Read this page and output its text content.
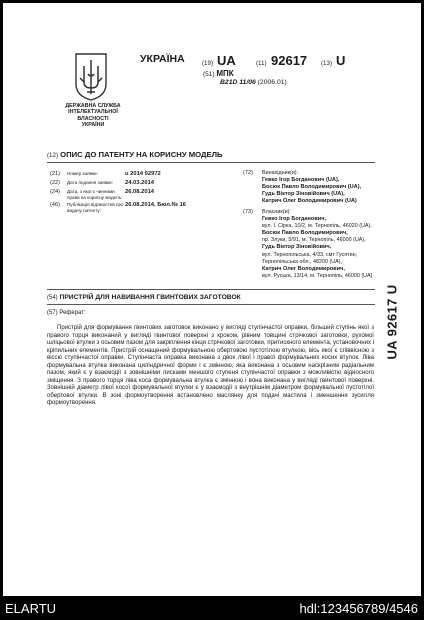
ДЕРЖАВНА СЛУЖБА
ІНТЕЛЕКТУАЛЬНОЇ
ВЛАСНОСТІ
УКРАЇНИ
УКРАЇНА	(19) UA	(11) 92617 (13) U
(51) МПК
B21D 11/06 (2006.01)
(12) ОПИС ДО ПАТЕНТУ НА КОРИСНУ МОДЕЛЬ
(21)	Номер заявки:	u 2014 02972
(22)	Дата подання заявки:	24.03.2014
(24)	Дата, з якої є чинними права на корисну модель:
26.08.2014
(46)	Публікація відомостей про видачу патенту:
26.08.2014, Бюл.№ 16
(72) Винахідник(и):
Гевко Ігор Богданович (UA),
Босюк Павло Володимирович (UA),
Гудь Віктор Зіновійович (UA),
Катрич Олег Володимирович (UA)
(73) Власник(и):
Гевко Ігор Богданович,
вул. І. Сірка, 10/2, м. Тернопіль, 46020 (UA),
Босюк Павло Володимирович,
пр. Злуки, 5/91, м. Тернопіль, 46000 (UA),
Гудь Віктор Зіновійович,
вул. Тернопільська, 4/33, смт Гусятин, Тернопільська обл., 48200 (UA),
Катрич Олег Володимирович,
вул. Руська, 13/14, м. Тернопіль, 46000 (UA)
(54) ПРИСТРІЙ ДЛЯ НАВИВАННЯ ГВИНТОВИХ ЗАГОТОВОК
(57) Реферат:
Пристрій для формування гвинтових заготовок виконано у вигляді ступінчастої оправки, більший ступінь якої з правого торця виконаний у вигляді гвинтової поверхні з кроком, рівним товщині стрічкової заготовки, рухомої шліцьової втулки з осьовим пазом для закріплення кінця стрічкової заготовки, притискного елемента, установочних і кріпильних елементів. Пристрій оснащений формувальною обертовою пустотілою втулкою, вісь якої є співвісною з віссю ступінчастої оправки. Ступінчаста оправка виконана з двох лівої і правої формувальних косих втулок. Ліва формувальна втулка виконана циліндричної форми і є змінною, яка виконана з осьовим наскрізним радіальним пазом, який є у взаємодії з зовнішніми лисками меншого ступеня ступінчастої оправки з можливістю відносного зміщення. З правого торця ліва коса формувальна втулка є змінною і вона виконана у вигляді гвинтової поверхні. Зовнішній діаметр лівої косої формувальної втулки є у взаємодії з внутрішнім діаметром формувальної пустотілої обертової втулки. В зоні формоутворення встановлено маслянку для подачі мастила і зменшення зусилля формоутворення.
UA 92617 U
ELARTU	hdl:123456789/4546
